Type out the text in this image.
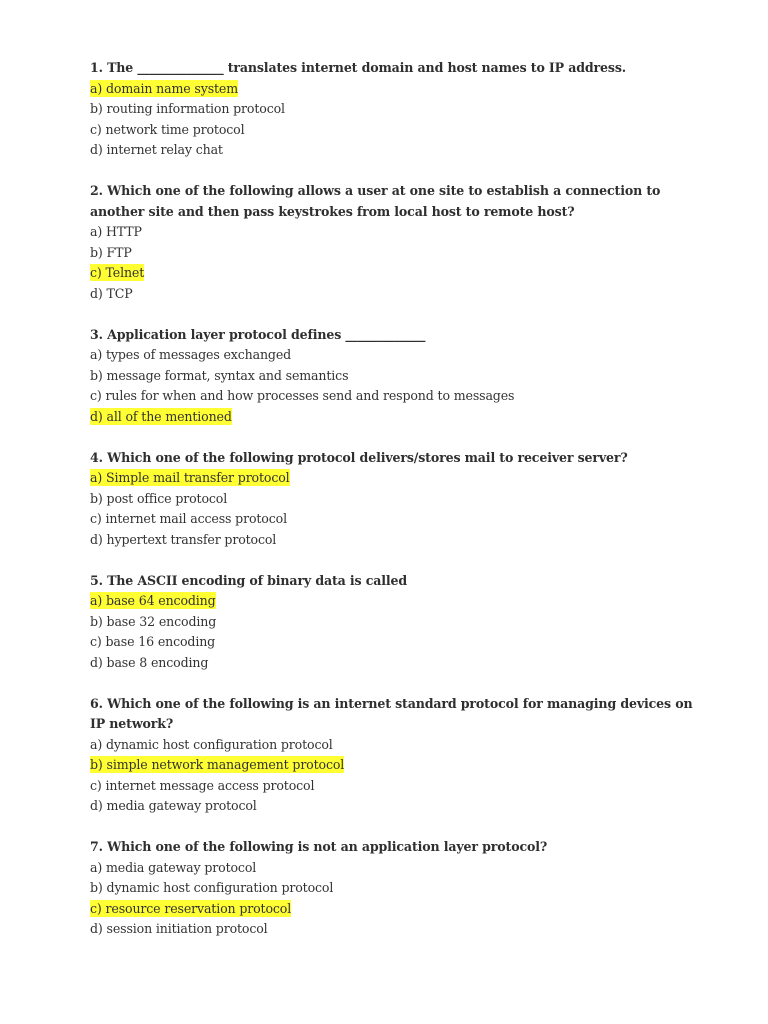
1. The ______________ translates internet domain and host names to IP address.

a) domain name system
b) routing information protocol
c) network time protocol
d) internet relay chat

2. Which one of the following allows a user at one site to establish a connection to another site and then pass keystrokes from local host to remote host?

a) HTTP
b) FTP
c) Telnet
d) TCP

3. Application layer protocol defines _____________

a) types of messages exchanged
b) message format, syntax and semantics
c) rules for when and how processes send and respond to messages
d) all of the mentioned

4. Which one of the following protocol delivers/stores mail to receiver server?

a) Simple mail transfer protocol
b) post office protocol
c) internet mail access protocol
d) hypertext transfer protocol

5. The ASCII encoding of binary data is called

a) base 64 encoding
b) base 32 encoding
c) base 16 encoding
d) base 8 encoding

6. Which one of the following is an internet standard protocol for managing devices on IP network?

a) dynamic host configuration protocol
b) simple network management protocol
c) internet message access protocol
d) media gateway protocol

7. Which one of the following is not an application layer protocol?

a) media gateway protocol
b) dynamic host configuration protocol
c) resource reservation protocol
d) session initiation protocol
